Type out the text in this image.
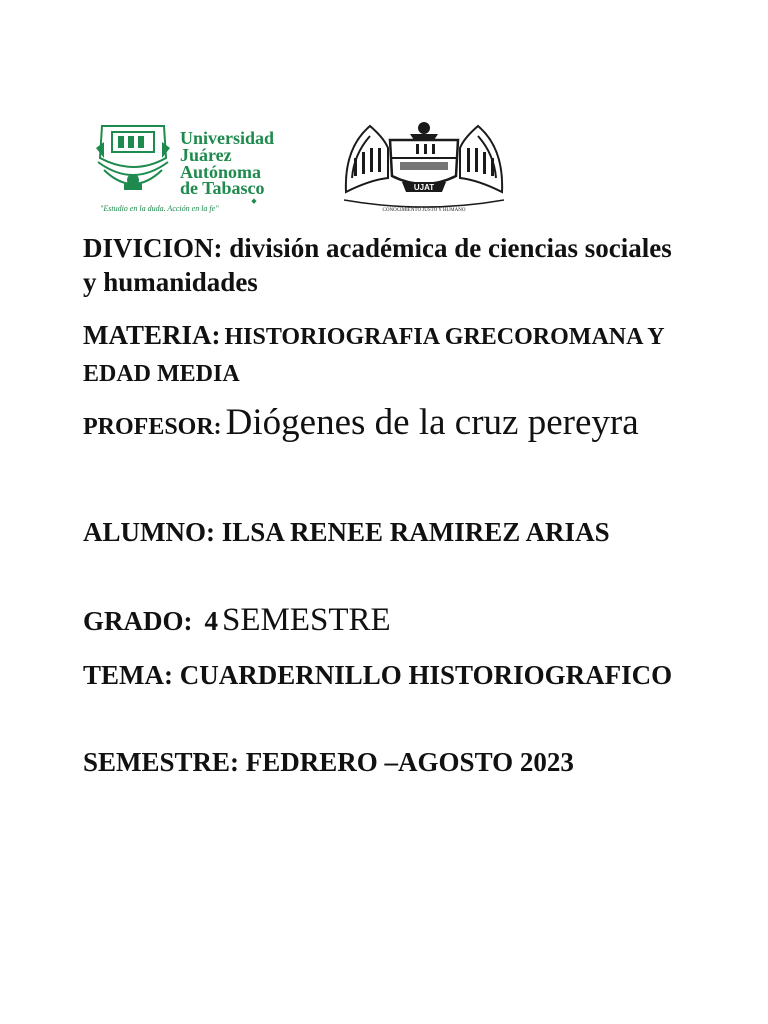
Universidad
Juárez
Autónoma
de Tabasco
◆
"Estudio en la duda. Acción en la fe"
UJAT
CONOCIMIENTO JUSTO Y HUMANO
DIVICION: división académica de ciencias sociales y humanidades
MATERIA: HISTORIOGRAFIA GRECOROMANA Y EDAD MEDIA
PROFESOR: Diógenes de la cruz pereyra
ALUMNO: ILSA RENEE RAMIREZ ARIAS
GRADO: 4 SEMESTRE
TEMA: CUARDERNILLO HISTORIOGRAFICO
SEMESTRE: FEDRERO –AGOSTO 2023
